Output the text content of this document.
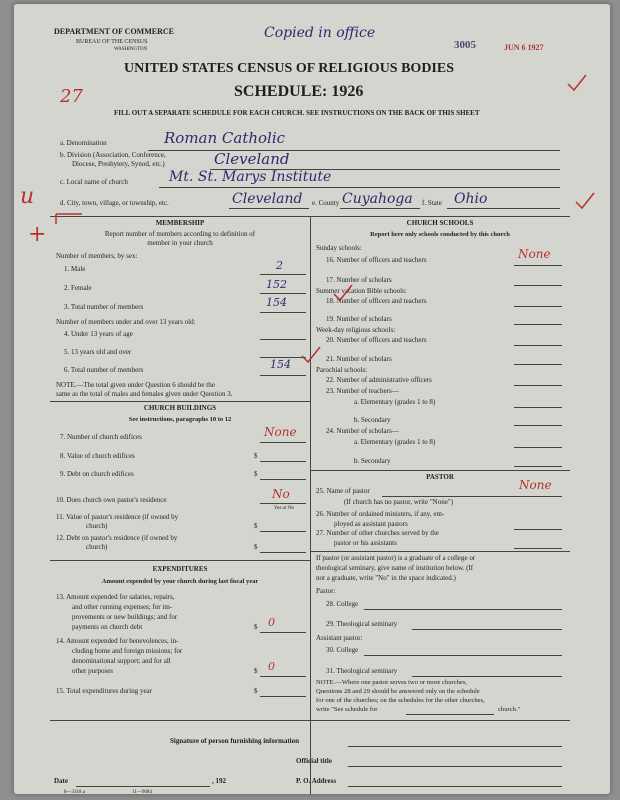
DEPARTMENT OF COMMERCE
BUREAU OF THE CENSUS
WASHINGTON
Copied in office
3005	JUN 6 1927
UNITED STATES CENSUS OF RELIGIOUS BODIES
SCHEDULE: 1926
27
FILL OUT A SEPARATE SCHEDULE FOR EACH CHURCH. SEE INSTRUCTIONS ON THE BACK OF THIS SHEET
a. Denomination	Roman Catholic
b. Division (Association, Conference,
Diocese, Presbytery, Synod, etc.)	Cleveland
c. Local name of church	Mt. St. Marys Institute
d. City, town, village, or township, etc.	Cleveland e. County Cuyahoga f. State Ohio
u
+	MEMBERSHIP
Report number of members according to definition of
member in your church
Number of members, by sex:
1. Male	2
2. Female	152
3. Total number of members	154
Number of members under and over 13 years old:
4. Under 13 years of age
5. 13 years old and over
6. Total number of members	154
NOTE.—The total given under Question 6 should be the
same as the total of males and females given under Question 3.
CHURCH BUILDINGS
See instructions, paragraphs 10 to 12
7. Number of church edifices	None
8. Value of church edifices	$
9. Debt on church edifices	$
10. Does church own pastor's residence	No
Yes or No
11. Value of pastor's residence (if owned by
church)	$
12. Debt on pastor's residence (if owned by
church)	$
EXPENDITURES
Amount expended by your church during last fiscal year
13. Amount expended for salaries, repairs,
and other running expenses; for im-
provements or new buildings; and for
payments on church debt	$ 0
14. Amount expended for benevolences, in-
cluding home and foreign missions; for
denominational support; and for all
other purposes	$ 0
15. Total expenditures during year	$
CHURCH SCHOOLS
Report here only schools conducted by this church
Sunday schools:
16. Number of officers and teachers	None
17. Number of scholars
Summer vacation Bible schools:
18. Number of officers and teachers
19. Number of scholars
Week-day religious schools:
20. Number of officers and teachers
21. Number of scholars
Parochial schools:
22. Number of administrative officers
23. Number of teachers—
a. Elementary (grades 1 to 8)
b. Secondary
24. Number of scholars—
a. Elementary (grades 1 to 8)
b. Secondary
PASTOR
25. Name of pastor	None
(If church has no pastor, write "None")
26. Number of ordained ministers, if any, em-
ployed as assistant pastors
27. Number of other churches served by the
pastor or his assistants
If pastor (or assistant pastor) is a graduate of a college or
theological seminary, give name of institution below. (If
not a graduate, write "No" in the space indicated.)
Pastor:
28. College
29. Theological seminary
Assistant pastor:
30. College
31. Theological seminary
NOTE.—Where one pastor serves two or more churches,
Questions 28 and 29 should be answered only on the schedule
for one of the churches; on the schedules for the other churches,
write "See schedule for	church."
Signature of person furnishing information
Official title
Date	, 192	P. O. Address
8—3318 a	11—9084
